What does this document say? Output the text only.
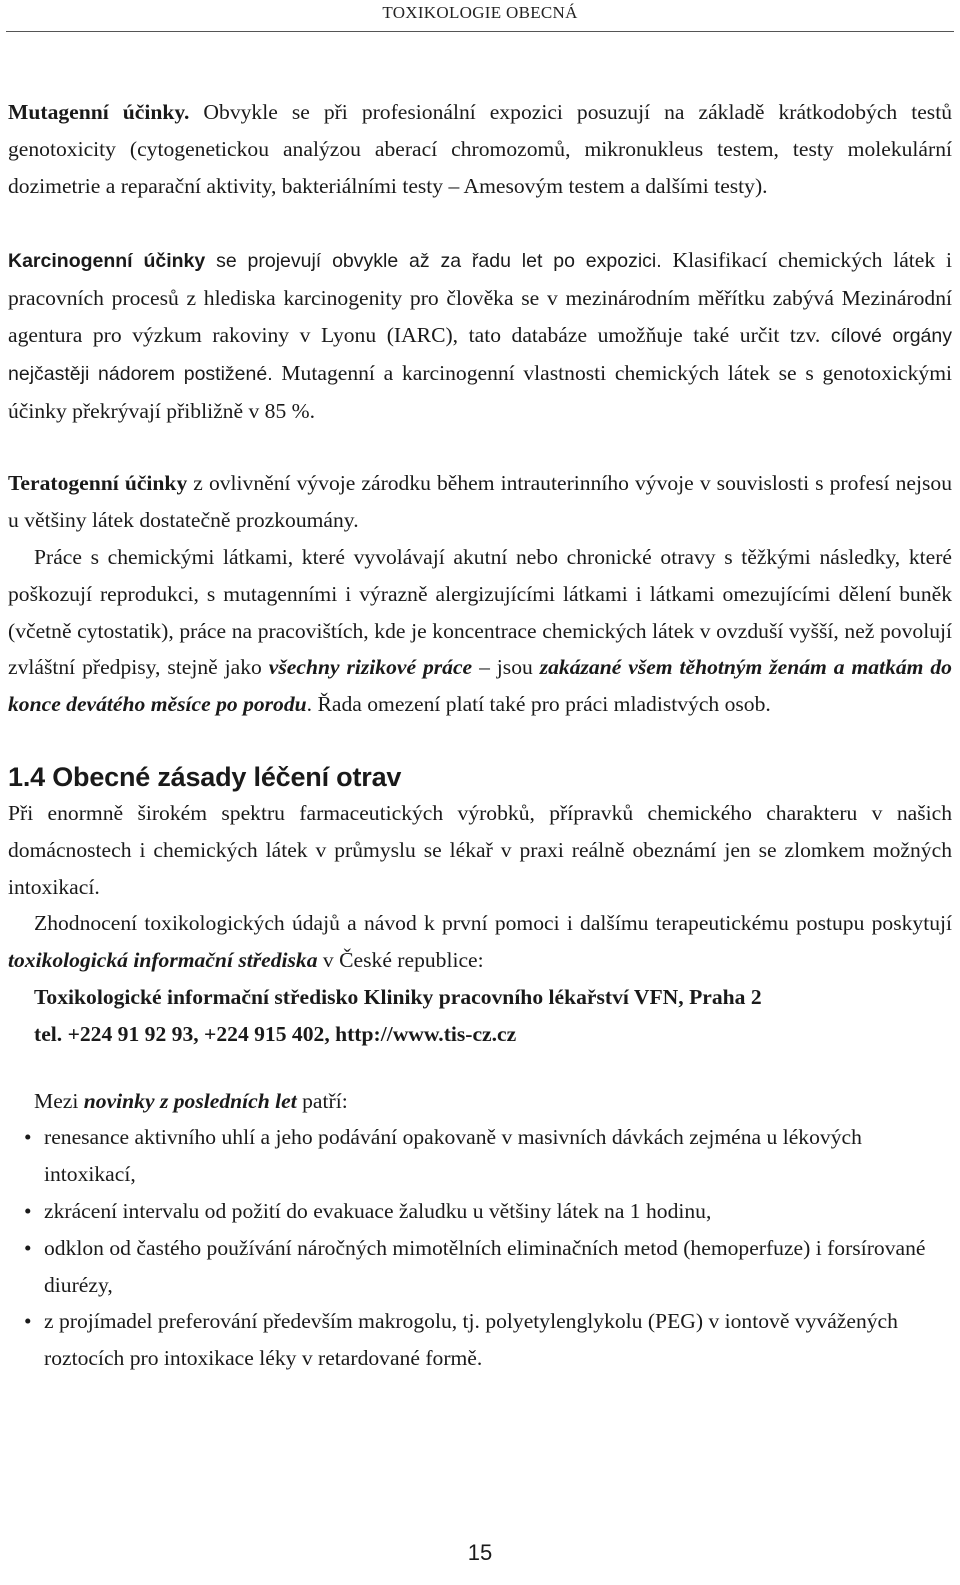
TOXIKOLOGIE OBECNÁ

Mutagenní účinky. Obvykle se při profesionální expozici posuzují na základě krátkodobých testů genotoxicity (cytogenetickou analýzou aberací chromozomů, mikronukleus testem, testy molekulární dozimetrie a reparační aktivity, bakteriálními testy – Amesovým testem a dalšími testy).

Karcinogenní účinky se projevují obvykle až za řadu let po expozici. Klasifikací chemických látek i pracovních procesů z hlediska karcinogenity pro člověka se v mezinárodním měřítku zabývá Mezinárodní agentura pro výzkum rakoviny v Lyonu (IARC), tato databáze umožňuje také určit tzv. cílové orgány nejčastěji nádorem postižené. Mutagenní a karcinogenní vlastnosti chemických látek se s genotoxickými účinky překrývají přibližně v 85 %.

Teratogenní účinky z ovlivnění vývoje zárodku během intrauterinního vývoje v souvislosti s profesí nejsou u většiny látek dostatečně prozkoumány.

Práce s chemickými látkami, které vyvolávají akutní nebo chronické otravy s těžkými následky, které poškozují reprodukci, s mutagenními i výrazně alergizujícími látkami i látkami omezujícími dělení buněk (včetně cytostatik), práce na pracovištích, kde je koncentrace chemických látek v ovzduší vyšší, než povolují zvláštní předpisy, stejně jako všechny rizikové práce – jsou zakázané všem těhotným ženám a matkám do konce devátého měsíce po porodu. Řada omezení platí také pro práci mladistvých osob.

1.4 Obecné zásady léčení otrav

Při enormně širokém spektru farmaceutických výrobků, přípravků chemického charakteru v našich domácnostech i chemických látek v průmyslu se lékař v praxi reálně obeznámí jen se zlomkem možných intoxikací.

Zhodnocení toxikologických údajů a návod k první pomoci i dalšímu terapeutickému postupu poskytují toxikologická informační střediska v České republice:

Toxikologické informační středisko Kliniky pracovního lékařství VFN, Praha 2

tel. +224 91 92 93, +224 915 402, http://www.tis-cz.cz

Mezi novinky z posledních let patří:

• renesance aktivního uhlí a jeho podávání opakovaně v masivních dávkách zejména u lékových intoxikací,
• zkrácení intervalu od požití do evakuace žaludku u většiny látek na 1 hodinu,
• odklon od častého používání náročných mimotělních eliminačních metod (hemoperfuze) i forsírované diurézy,
• z projímadel preferování především makrogolu, tj. polyetylenglykolu (PEG) v iontově vyvážených roztocích pro intoxikace léky v retardované formě.
15
